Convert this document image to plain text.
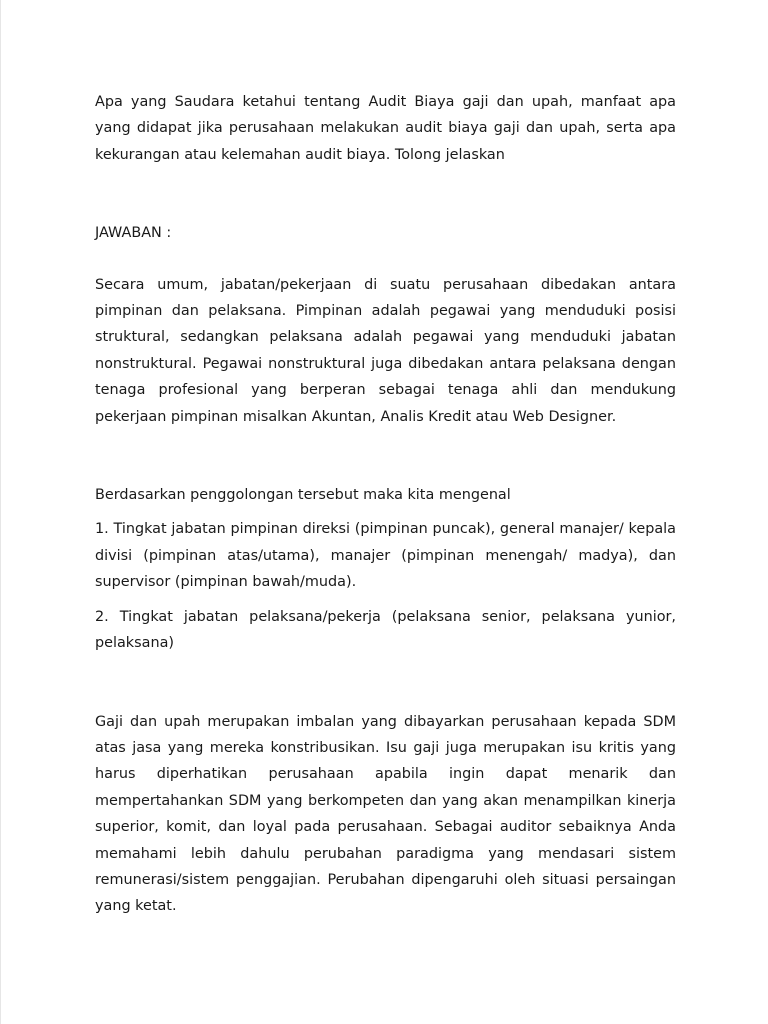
Apa yang Saudara ketahui tentang Audit Biaya gaji dan upah, manfaat apa yang didapat jika perusahaan melakukan audit biaya gaji dan upah, serta apa kekurangan atau kelemahan audit biaya. Tolong jelaskan

JAWABAN :

Secara umum, jabatan/pekerjaan di suatu perusahaan dibedakan antara pimpinan dan pelaksana. Pimpinan adalah pegawai yang menduduki posisi struktural, sedangkan pelaksana adalah pegawai yang menduduki jabatan nonstruktural. Pegawai nonstruktural juga dibedakan antara pelaksana dengan tenaga profesional yang berperan sebagai tenaga ahli dan mendukung pekerjaan pimpinan misalkan Akuntan, Analis Kredit atau Web Designer.

Berdasarkan penggolongan tersebut maka kita mengenal

1. Tingkat jabatan pimpinan direksi (pimpinan puncak), general manajer/ kepala divisi (pimpinan atas/utama), manajer (pimpinan menengah/ madya), dan supervisor (pimpinan bawah/muda).

2. Tingkat jabatan pelaksana/pekerja (pelaksana senior, pelaksana yunior, pelaksana)

Gaji dan upah merupakan imbalan yang dibayarkan perusahaan kepada SDM atas jasa yang mereka konstribusikan. Isu gaji juga merupakan isu kritis yang harus diperhatikan perusahaan apabila ingin dapat menarik dan mempertahankan SDM yang berkompeten dan yang akan menampilkan kinerja superior, komit, dan loyal pada perusahaan. Sebagai auditor sebaiknya Anda memahami lebih dahulu perubahan paradigma yang mendasari sistem remunerasi/sistem penggajian. Perubahan dipengaruhi oleh situasi persaingan yang ketat.
